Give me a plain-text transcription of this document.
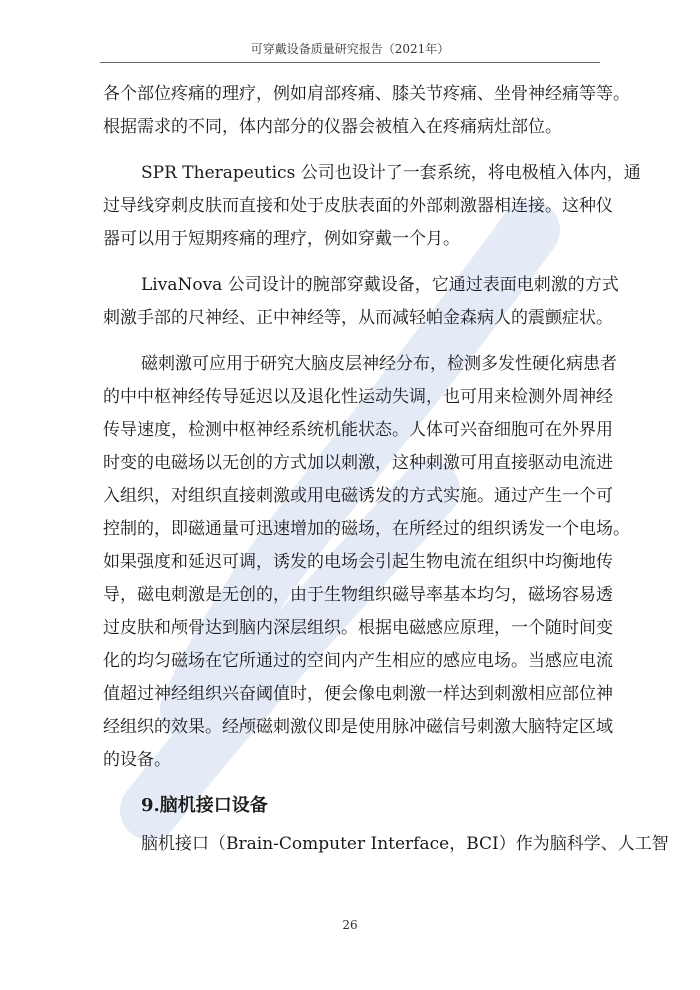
可穿戴设备质量研究报告（2021年）
各个部位疼痛的理疗，例如肩部疼痛、膝关节疼痛、坐骨神经痛等等。
根据需求的不同，体内部分的仪器会被植入在疼痛病灶部位。
SPR Therapeutics 公司也设计了一套系统，将电极植入体内，通
过导线穿刺皮肤而直接和处于皮肤表面的外部刺激器相连接。这种仪
器可以用于短期疼痛的理疗，例如穿戴一个月。
LivaNova 公司设计的腕部穿戴设备，它通过表面电刺激的方式
刺激手部的尺神经、正中神经等，从而减轻帕金森病人的震颤症状。
磁刺激可应用于研究大脑皮层神经分布，检测多发性硬化病患者
的中中枢神经传导延迟以及退化性运动失调，也可用来检测外周神经
传导速度，检测中枢神经系统机能状态。人体可兴奋细胞可在外界用
时变的电磁场以无创的方式加以刺激，这种刺激可用直接驱动电流进
入组织，对组织直接刺激或用电磁诱发的方式实施。通过产生一个可
控制的，即磁通量可迅速增加的磁场，在所经过的组织诱发一个电场。
如果强度和延迟可调，诱发的电场会引起生物电流在组织中均衡地传
导，磁电刺激是无创的，由于生物组织磁导率基本均匀，磁场容易透
过皮肤和颅骨达到脑内深层组织。根据电磁感应原理，一个随时间变
化的均匀磁场在它所通过的空间内产生相应的感应电场。当感应电流
值超过神经组织兴奋阈值时，便会像电刺激一样达到刺激相应部位神
经组织的效果。经颅磁刺激仪即是使用脉冲磁信号刺激大脑特定区域
的设备。
9.脑机接口设备
脑机接口（Brain-Computer Interface，BCI）作为脑科学、人工智
26
